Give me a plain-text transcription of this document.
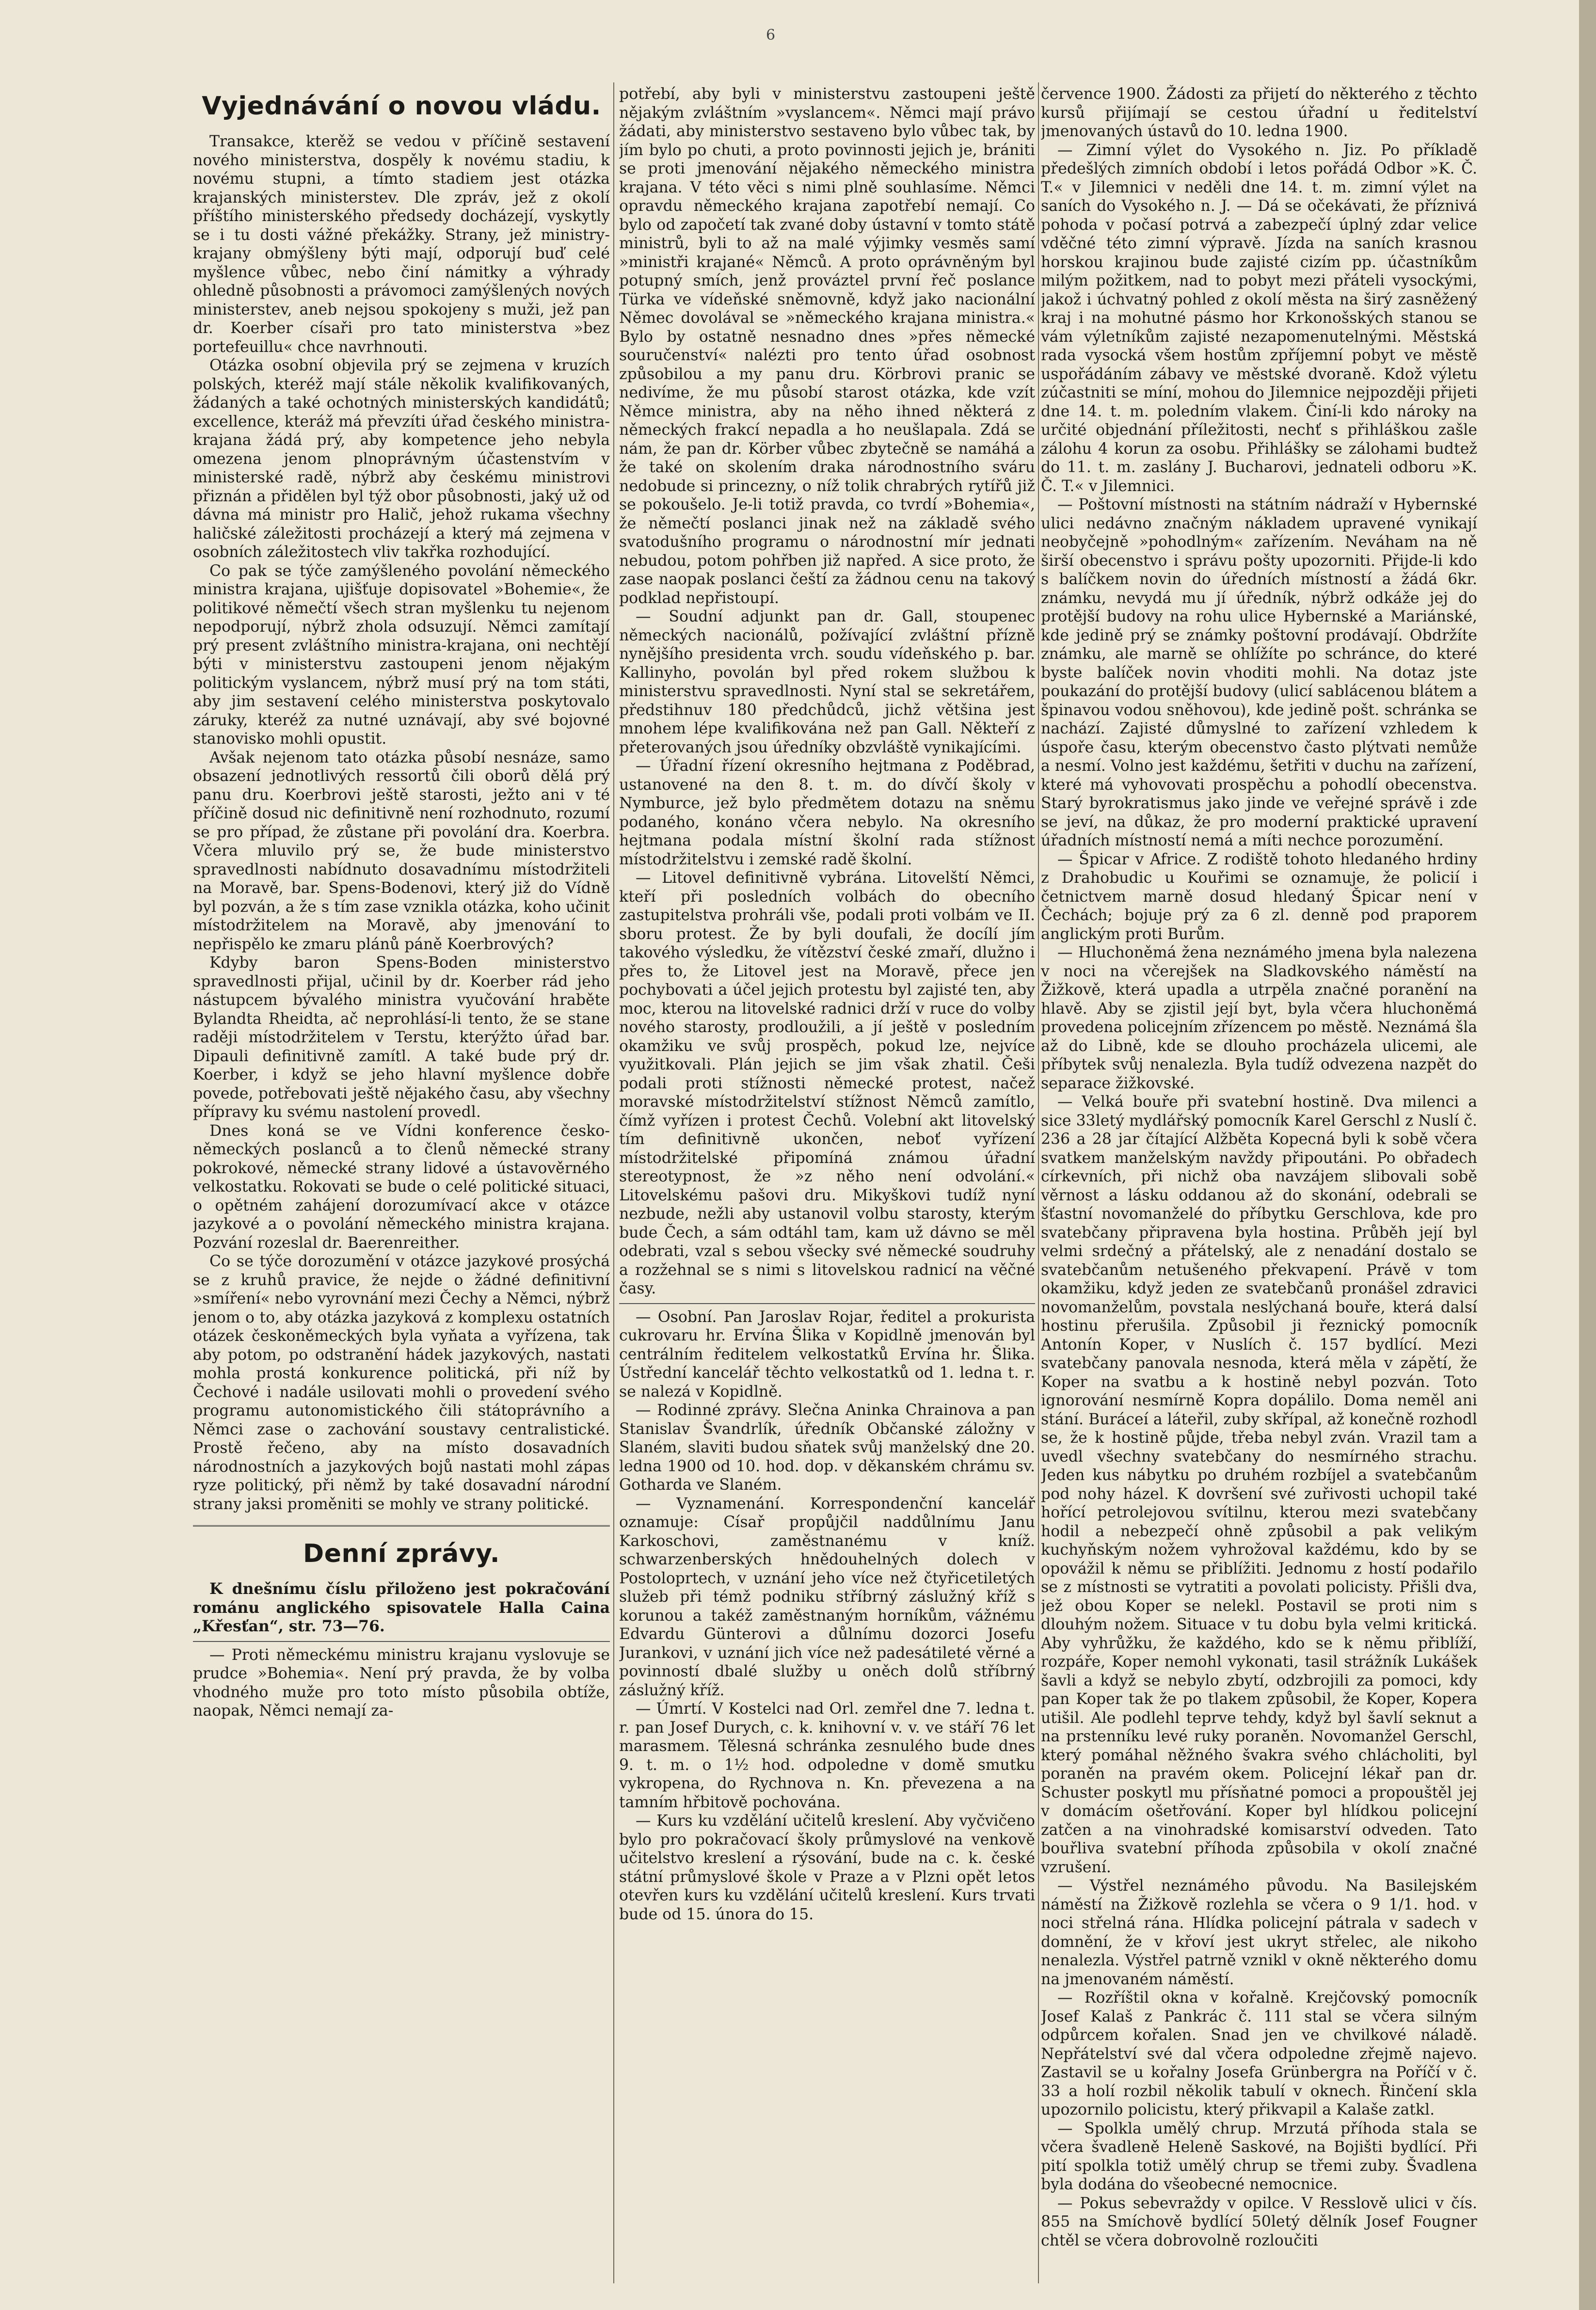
6
Vyjednávání o novou vládu.

Transakce, kterěž se vedou v příčině sestavení nového ministerstva, dospěly k novému stadiu, k novému stupni, a tímto stadiem jest otázka krajanských ministerstev. Dle zpráv, jež z okolí příštího ministerského předsedy docházejí, vyskytly se i tu dosti vážné překážky. Strany, jež ministry-krajany obmýšleny býti mají, odporují buď celé myšlence vůbec, nebo činí námitky a výhrady ohledně působnosti a právomoci zamýšlených nových ministerstev, aneb nejsou spokojeny s muži, jež pan dr. Koerber císaři pro tato ministerstva »bez portefeuillu« chce navrhnouti.

Otázka osobní objevila prý se zejmena v kruzích polských, kteréž mají stále několik kvalifikovaných, žádaných a také ochotných ministerských kandidátů; excellence, kteráž má převzíti úřad českého ministra-krajana žádá prý, aby kompetence jeho nebyla omezena jenom plnoprávným účastenstvím v ministerské radě, nýbrž aby českému ministrovi přiznán a přidělen byl týž obor působnosti, jaký už od dávna má ministr pro Halič, jehož rukama všechny haličské záležitosti procházejí a který má zejmena v osobních záležitostech vliv takřka rozhodující.

Co pak se týče zamýšleného povolání německého ministra krajana, ujišťuje dopisovatel »Bohemie«, že politikové němečtí všech stran myšlenku tu nejenom nepodporují, nýbrž zhola odsuzují. Němci zamítají prý present zvláštního ministra-krajana, oni nechtějí býti v ministerstvu zastoupeni jenom nějakým politickým vyslancem, nýbrž musí prý na tom státi, aby jim sestavení celého ministerstva poskytovalo záruky, kteréž za nutné uznávají, aby své bojovné stanovisko mohli opustit.

Avšak nejenom tato otázka působí nesnáze, samo obsazení jednotlivých ressortů čili oborů dělá prý panu dru. Koerbrovi ještě starosti, ježto ani v té příčině dosud nic definitivně není rozhodnuto, rozumí se pro případ, že zůstane při povolání dra. Koerbra. Včera mluvilo prý se, že bude ministerstvo spravedlnosti nabídnuto dosavadnímu místodržiteli na Moravě, bar. Spens-Bodenovi, který již do Vídně byl pozván, a že s tím zase vznikla otázka, koho učinit místodržitelem na Moravě, aby jmenování to nepřispělo ke zmaru plánů páně Koerbrových?

Kdyby baron Spens-Boden ministerstvo spravedlnosti přijal, učinil by dr. Koerber rád jeho nástupcem bývalého ministra vyučování hraběte Bylandta Rheidta, ač neprohlásí-li tento, že se stane raději místodržitelem v Terstu, kterýžto úřad bar. Dipauli definitivně zamítl. A také bude prý dr. Koerber, i když se jeho hlavní myšlence dobře povede, potřebovati ještě nějakého času, aby všechny přípravy ku svému nastolení provedl.

Dnes koná se ve Vídni konference česko-německých poslanců a to členů německé strany pokrokové, německé strany lidové a ústavověrného velkostatku. Rokovati se bude o celé politické situaci, o opětném zahájení dorozumívací akce v otázce jazykové a o povolání německého ministra krajana. Pozvání rozeslal dr. Baerenreither.

Co se týče dorozumění v otázce jazykové prosýchá se z kruhů pravice, že nejde o žádné definitivní »smíření« nebo vyrovnání mezi Čechy a Němci, nýbrž jenom o to, aby otázka jazyková z komplexu ostatních otázek českoněmeckých byla vyňata a vyřízena, tak aby potom, po odstranění hádek jazykových, nastati mohla prostá konkurence politická, při níž by Čechové i nadále usilovati mohli o provedení svého programu autonomistického čili státoprávního a Němci zase o zachování soustavy centralistické. Prostě řečeno, aby na místo dosavadních národnostních a jazykových bojů nastati mohl zápas ryze politický, při němž by také dosavadní národní strany jaksi proměniti se mohly ve strany politické.

Denní zprávy.

K dnešnímu číslu přiloženo jest pokračování románu anglického spisovatele Halla Caina „Křesťan“, str. 73—76.

— Proti německému ministru krajanu vyslovuje se prudce »Bohemia«. Není prý pravda, že by volba vhodného muže pro toto místo působila obtíže, naopak, Němci nemají za-

potřebí, aby byli v ministerstvu zastoupeni ještě nějakým zvláštním »vyslancem«. Němci mají právo žádati, aby ministerstvo sestaveno bylo vůbec tak, by jím bylo po chuti, a proto povinnosti jejich je, brániti se proti jmenování nějakého německého ministra krajana. V této věci s nimi plně souhlasíme. Němci opravdu německého krajana zapotřebí nemají. Co bylo od započetí tak zvané doby ústavní v tomto státě ministrů, byli to až na malé výjimky vesměs samí »ministři krajané« Němců. A proto oprávněným byl potupný smích, jenž prováztel první řeč poslance Türka ve vídeňské sněmovně, když jako nacionální Němec dovolával se »německého krajana ministra.« Bylo by ostatně nesnadno dnes »přes německé souručenství« nalézti pro tento úřad osobnost způsobilou a my panu dru. Körbrovi pranic se nedivíme, že mu působí starost otázka, kde vzít Němce ministra, aby na něho ihned některá z německých frakcí nepadla a ho neušlapala. Zdá se nám, že pan dr. Körber vůbec zbytečně se namáhá a že také on skolením draka národnostního sváru nedobude si princezny, o níž tolik chrabrých rytířů již se pokoušelo. Je-li totiž pravda, co tvrdí »Bohemia«, že němečtí poslanci jinak než na základě svého svatodušního programu o národnostní mír jednati nebudou, potom pohřben již napřed. A sice proto, že zase naopak poslanci čeští za žádnou cenu na takový podklad nepřistoupí.

— Soudní adjunkt pan dr. Gall, stoupenec německých nacionálů, požívající zvláštní přízně nynějšího presidenta vrch. soudu vídeňského p. bar. Kallinyho, povolán byl před rokem službou k ministerstvu spravedlnosti. Nyní stal se sekretářem, předstihnuv 180 předchůdců, jichž většina jest mnohem lépe kvalifikována než pan Gall. Někteří z přeterovaných jsou úředníky obzvláště vynikajícími.

— Úřadní řízení okresního hejtmana z Poděbrad, ustanovené na den 8. t. m. do dívčí školy v Nymburce, jež bylo předmětem dotazu na sněmu podaného, konáno včera nebylo. Na okresního hejtmana podala místní školní rada stížnost místodržitelstvu i zemské radě školní.

— Litovel definitivně vybrána. Litovelští Němci, kteří při posledních volbách do obecního zastupitelstva prohráli vše, podali proti volbám ve II. sboru protest. Že by byli doufali, že docílí jím takového výsledku, že vítězství české zmaří, dlužno i přes to, že Litovel jest na Moravě, přece jen pochybovati a účel jejich protestu byl zajisté ten, aby moc, kterou na litovelské radnici drží v ruce do volby nového starosty, prodloužili, a jí ještě v posledním okamžiku ve svůj prospěch, pokud lze, nejvíce využitkovali. Plán jejich se jim však zhatil. Češi podali proti stížnosti německé protest, načež moravské místodržitelství stížnost Němců zamítlo, čímž vyřízen i protest Čechů. Volební akt litovelský tím definitivně ukončen, neboť vyřízení místodržitelské připomíná známou úřadní stereotypnost, že »z něho není odvolání.« Litovelskému pašovi dru. Mikyškovi tudíž nyní nezbude, nežli aby ustanovil volbu starosty, kterým bude Čech, a sám odtáhl tam, kam už dávno se měl odebrati, vzal s sebou všecky své německé soudruhy a rozžehnal se s nimi s litovelskou radnicí na věčné časy.

— Osobní. Pan Jaroslav Rojar, ředitel a prokurista cukrovaru hr. Ervína Šlika v Kopidlně jmenován byl centrálním ředitelem velkostatků Ervína hr. Šlika. Ústřední kancelář těchto velkostatků od 1. ledna t. r. se nalezá v Kopidlně.

— Rodinné zprávy. Slečna Aninka Chrainova a pan Stanislav Švandrlík, úředník Občanské záložny v Slaném, slaviti budou sňatek svůj manželský dne 20. ledna 1900 od 10. hod. dop. v děkanském chrámu sv. Gotharda ve Slaném.

— Vyznamenání. Korrespondenční kancelář oznamuje: Císař propůjčil naddůlnímu Janu Karkoschovi, zaměstnanému v kníž. schwarzenberských hnědouhelných dolech v Postoloprtech, v uznání jeho více než čtyřicetiletých služeb při témž podniku stříbrný záslužný kříž s korunou a takéž zaměstnaným horníkům, vážnému Edvardu Günterovi a důlnímu dozorci Josefu Jurankovi, v uznání jich více než padesátileté věrné a povinností dbalé služby u oněch dolů stříbrný záslužný kříž.

— Úmrtí. V Kostelci nad Orl. zemřel dne 7. ledna t. r. pan Josef Durych, c. k. knihovní v. v. ve stáří 76 let marasmem. Tělesná schránka zesnulého bude dnes 9. t. m. o 1½ hod. odpoledne v domě smutku vykropena, do Rychnova n. Kn. převezena a na tamním hřbitově pochována.

— Kurs ku vzdělání učitelů kreslení. Aby vyčvičeno bylo pro pokračovací školy průmyslové na venkově učitelstvo kreslení a rýsování, bude na c. k. české státní průmyslové škole v Praze a v Plzni opět letos otevřen kurs ku vzdělání učitelů kreslení. Kurs trvati bude od 15. února do 15.

července 1900. Žádosti za přijetí do některého z těchto kursů přijímají se cestou úřadní u ředitelství jmenovaných ústavů do 10. ledna 1900.

— Zimní výlet do Vysokého n. Jiz. Po příkladě předešlých zimních období i letos pořádá Odbor »K. Č. T.« v Jilemnici v neděli dne 14. t. m. zimní výlet na saních do Vysokého n. J. — Dá se očekávati, že příznivá pohoda v počasí potrvá a zabezpečí úplný zdar velice vděčné této zimní výpravě. Jízda na saních krasnou horskou krajinou bude zajisté cizím pp. účastníkům milým požitkem, nad to pobyt mezi přáteli vysockými, jakož i úchvatný pohled z okolí města na širý zasněžený kraj i na mohutné pásmo hor Krkonošských stanou se vám výletníkům zajisté nezapomenutelnými. Městská rada vysocká všem hostům zpříjemní pobyt ve městě uspořádáním zábavy ve městské dvoraně. Kdož výletu zúčastniti se míní, mohou do Jilemnice nejpozději přijeti dne 14. t. m. poledním vlakem. Činí-li kdo nároky na určité objednání příležitosti, nechť s přihláškou zašle zálohu 4 korun za osobu. Přihlášky se zálohami budtež do 11. t. m. zaslány J. Bucharovi, jednateli odboru »K. Č. T.« v Jilemnici.

— Poštovní místnosti na státním nádraží v Hybernské ulici nedávno značným nákladem upravené vynikají neobyčejně »pohodlným« zařízením. Neváham na ně širší obecenstvo i správu pošty upozorniti. Přijde-li kdo s balíčkem novin do úředních místností a žádá 6kr. známku, nevydá mu jí úředník, nýbrž odkáže jej do protější budovy na rohu ulice Hybernské a Mariánské, kde jedině prý se známky poštovní prodávají. Obdržíte známku, ale marně se ohlížíte po schránce, do které byste balíček novin vhoditi mohli. Na dotaz jste poukazání do protější budovy (ulicí sablácenou blátem a špinavou vodou sněhovou), kde jedině pošt. schránka se nachází. Zajisté důmyslné to zařízení vzhledem k úspoře času, kterým obecenstvo často plýtvati nemůže a nesmí. Volno jest každému, šetřiti v duchu na zařízení, které má vyhovovati prospěchu a pohodlí obecenstva. Starý byrokratismus jako jinde ve veřejné správě i zde se jeví, na důkaz, že pro moderní praktické upravení úřadních místností nemá a míti nechce porozumění.

— Špicar v Africe. Z rodiště tohoto hledaného hrdiny z Drahobudic u Kouřimi se oznamuje, že policií i četnictvem marně dosud hledaný Špicar není v Čechách; bojuje prý za 6 zl. denně pod praporem anglickým proti Burům.

— Hluchoněmá žena neznámého jmena byla nalezena v noci na včerejšek na Sladkovského náměstí na Žižkově, která upadla a utrpěla značné poranění na hlavě. Aby se zjistil její byt, byla včera hluchoněmá provedena policejním zřízencem po městě. Neznámá šla až do Libně, kde se dlouho procházela ulicemi, ale příbytek svůj nenalezla. Byla tudíž odvezena nazpět do separace žižkovské.

— Velká bouře při svatební hostině. Dva milenci a sice 33letý mydlářský pomocník Karel Gerschl z Nuslí č. 236 a 28 jar čítající Alžběta Kopecná byli k sobě včera svatkem manželským navždy připoutáni. Po obřadech církevních, při nichž oba navzájem slibovali sobě věrnost a lásku oddanou až do skonání, odebrali se šťastní novomanželé do příbytku Gerschlova, kde pro svatebčany připravena byla hostina. Průběh její byl velmi srdečný a přátelský, ale z nenadání dostalo se svatebčanům netušeného překvapení. Právě v tom okamžiku, když jeden ze svatebčanů pronášel zdravici novomanželům, povstala neslýchaná bouře, která dalsí hostinu přerušila. Způsobil ji řeznický pomocník Antonín Koper, v Nuslích č. 157 bydlící. Mezi svatebčany panovala nesnoda, která měla v zápětí, že Koper na svatbu a k hostině nebyl pozván. Toto ignorování nesmírně Kopra dopálilo. Doma neměl ani stání. Buráceí a láteřil, zuby skřípal, až konečně rozhodl se, že k hostině půjde, třeba nebyl zván. Vrazil tam a uvedl všechny svatebčany do nesmírného strachu. Jeden kus nábytku po druhém rozbíjel a svatebčanům pod nohy házel. K dovršení své zuřivosti uchopil také hořící petrolejovou svítilnu, kterou mezi svatebčany hodil a nebezpečí ohně způsobil a pak velikým kuchyňským nožem vyhrožoval každému, kdo by se opovážil k němu se přiblížiti. Jednomu z hostí podařilo se z místnosti se vytratiti a povolati policisty. Přišli dva, jež obou Koper se nelekl. Postavil se proti nim s dlouhým nožem. Situace v tu dobu byla velmi kritická. Aby vyhrůžku, že každého, kdo se k němu přiblíží, rozpáře, Koper nemohl vykonati, tasil strážník Lukášek šavli a když se nebylo zbytí, odzbrojili za pomoci, kdy pan Koper tak že po tlakem způsobil, že Koper, Kopera utišil. Ale podlehl teprve tehdy, když byl šavlí seknut a na prstenníku levé ruky poraněn. Novomanžel Gerschl, který pomáhal něžného švakra svého chlácholiti, byl poraněn na pravém okem. Policejní lékař pan dr. Schuster poskytl mu přísňatné pomoci a propouštěl jej v domácím ošetřování. Koper byl hlídkou policejní zatčen a na vinohradské komisarství odveden. Tato bouřliva svatební příhoda způsobila v okolí značné vzrušení.

— Výstřel neznámého původu. Na Basilejském náměstí na Žižkově rozlehla se včera o 9 1/1. hod. v noci střelná rána. Hlídka policejní pátrala v sadech v domnění, že v křoví jest ukryt střelec, ale nikoho nenalezla. Výstřel patrně vznikl v okně některého domu na jmenovaném náměstí.

— Rozříštil okna v kořalně. Krejčovský pomocník Josef Kalaš z Pankrác č. 111 stal se včera silným odpůrcem kořalen. Snad jen ve chvilkové náladě. Nepřátelství své dal včera odpoledne zřejmě najevo. Zastavil se u kořalny Josefa Grünbergra na Poříčí v č. 33 a holí rozbil několik tabulí v oknech. Řinčení skla upozornilo policistu, který přikvapil a Kalaše zatkl.

— Spolkla umělý chrup. Mrzutá příhoda stala se včera švadleně Heleně Saskové, na Bojišti bydlící. Při pití spolkla totiž umělý chrup se třemi zuby. Švadlena byla dodána do všeobecné nemocnice.

— Pokus sebevraždy v opilce. V Resslově ulici v čís. 855 na Smíchově bydlící 50letý dělník Josef Fougner chtěl se včera dobrovolně rozloučiti
